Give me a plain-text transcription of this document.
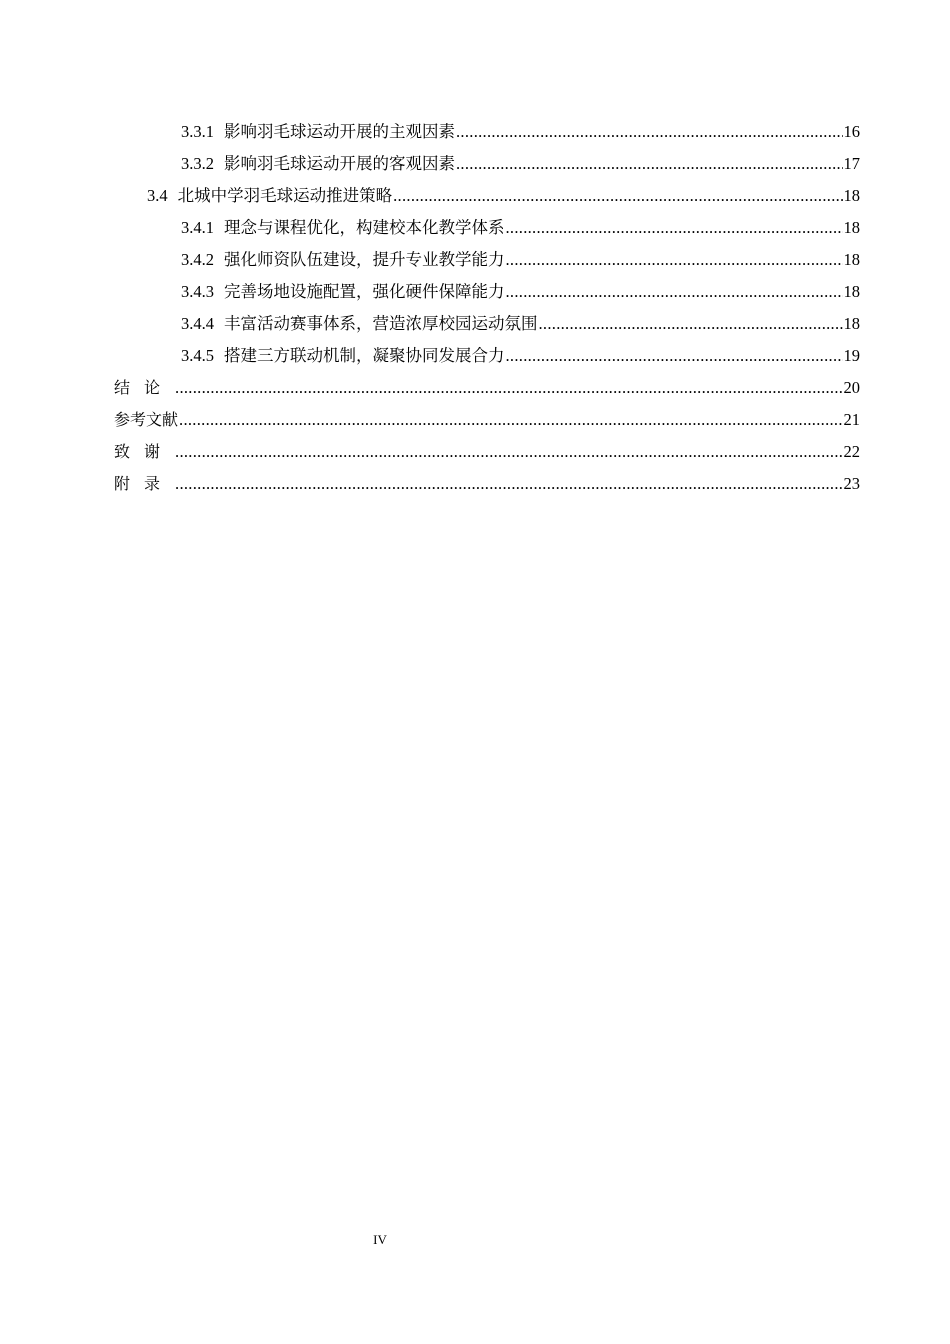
3.3.1 影响羽毛球运动开展的主观因素 .....	16
3.3.2 影响羽毛球运动开展的客观因素 .....	17
3.4 北城中学羽毛球运动推进策略 .....	18
3.4.1 理念与课程优化，构建校本化教学体系 .....	18
3.4.2 强化师资队伍建设，提升专业教学能力 .....	18
3.4.3 完善场地设施配置，强化硬件保障能力 .....	18
3.4.4 丰富活动赛事体系，营造浓厚校园运动氛围 .....	18
3.4.5 搭建三方联动机制，凝聚协同发展合力 .....	19
结论 .....	20
参考文献 .....	21
致谢 .....	22
附录 .....	23
IV
